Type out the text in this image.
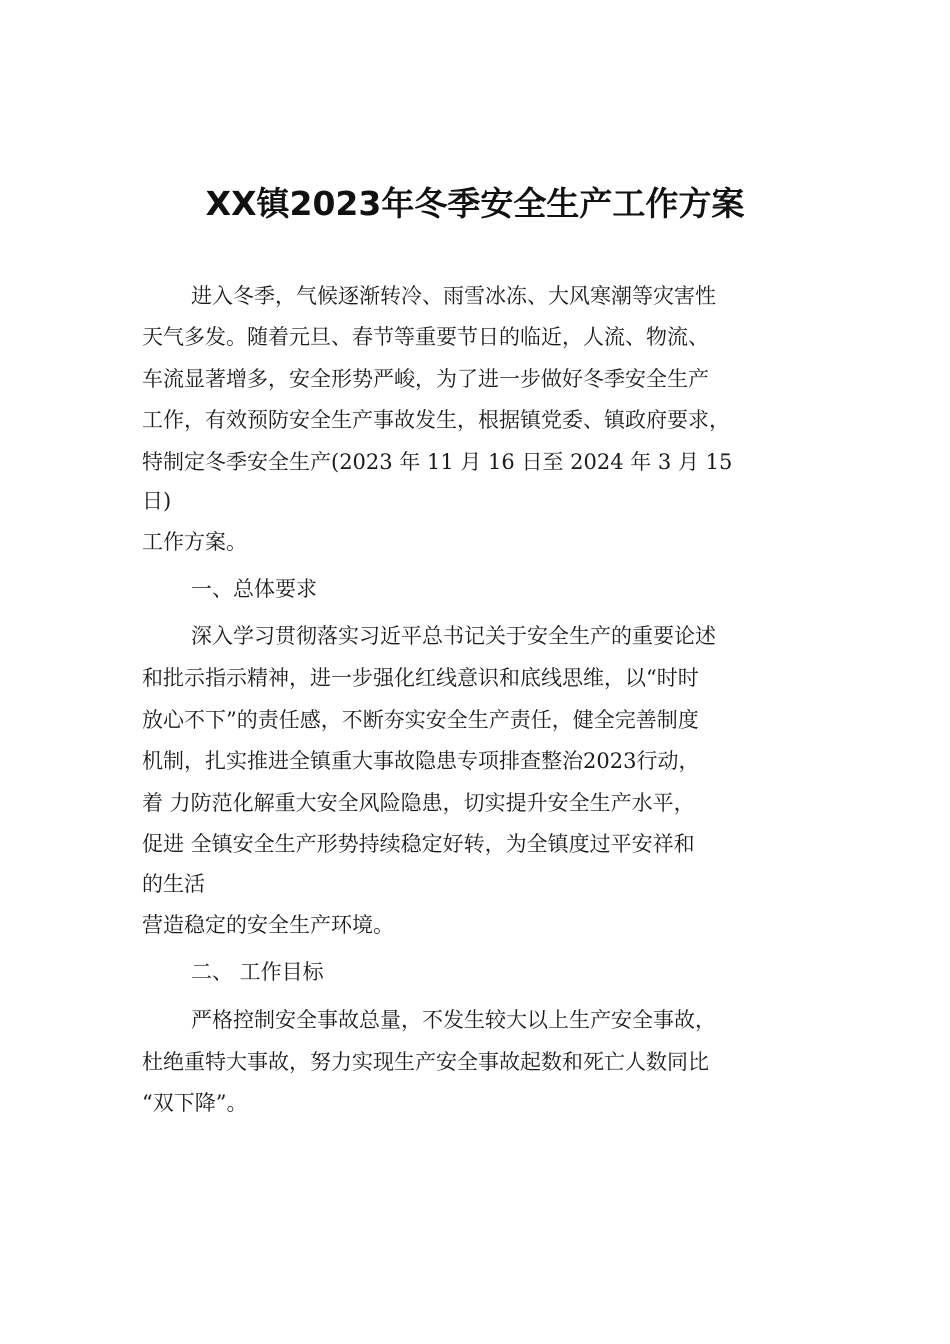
XX镇2023年冬季安全生产工作方案
进入冬季，气候逐渐转冷、雨雪冰冻、大风寒潮等灾害性
天气多发。随着元旦、春节等重要节日的临近，人流、物流、
车流显著增多，安全形势严峻，为了进一步做好冬季安全生产
工作，有效预防安全生产事故发生，根据镇党委、镇政府要求，
特制定冬季安全生产(2023 年 11 月 16 日至 2024 年 3 月 15
日)
工作方案。
一、总体要求
深入学习贯彻落实习近平总书记关于安全生产的重要论述
和批示指示精神，进一步强化红线意识和底线思维，以“时时
放心不下”的责任感，不断夯实安全生产责任，健全完善制度
机制，扎实推进全镇重大事故隐患专项排查整治2023行动，
着 力防范化解重大安全风险隐患，切实提升安全生产水平，
促进 全镇安全生产形势持续稳定好转，为全镇度过平安祥和
的生活
营造稳定的安全生产环境。
二、 工作目标
严格控制安全事故总量，不发生较大以上生产安全事故，
杜绝重特大事故，努力实现生产安全事故起数和死亡人数同比
“双下降”。
